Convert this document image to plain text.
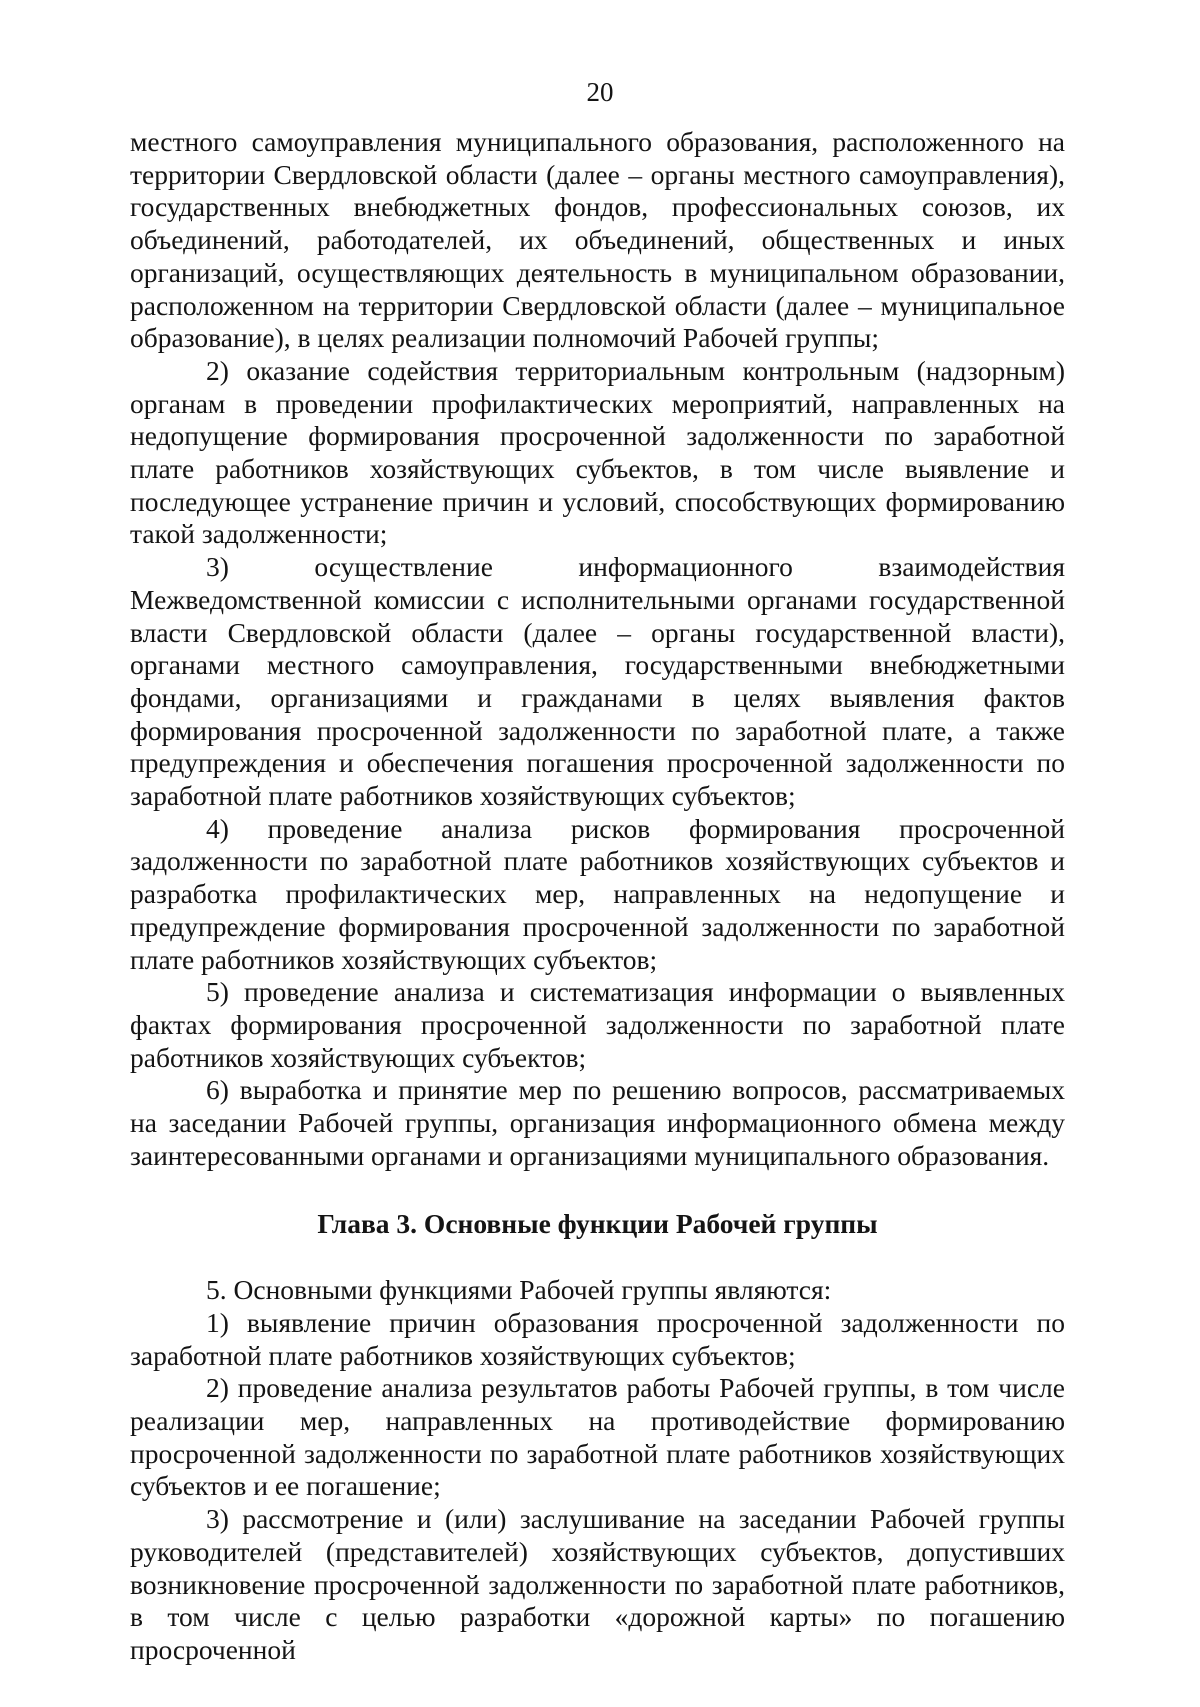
20

местного самоуправления муниципального образования, расположенного на территории Свердловской области (далее – органы местного самоуправления), государственных внебюджетных фондов, профессиональных союзов, их объединений, работодателей, их объединений, общественных и иных организаций, осуществляющих деятельность в муниципальном образовании, расположенном на территории Свердловской области (далее – муниципальное образование), в целях реализации полномочий Рабочей группы;

2) оказание содействия территориальным контрольным (надзорным) органам в проведении профилактических мероприятий, направленных на недопущение формирования просроченной задолженности по заработной плате работников хозяйствующих субъектов, в том числе выявление и последующее устранение причин и условий, способствующих формированию такой задолженности;

3) осуществление информационного взаимодействия Межведомственной комиссии с исполнительными органами государственной власти Свердловской области (далее – органы государственной власти), органами местного самоуправления, государственными внебюджетными фондами, организациями и гражданами в целях выявления фактов формирования просроченной задолженности по заработной плате, а также предупреждения и обеспечения погашения просроченной задолженности по заработной плате работников хозяйствующих субъектов;

4) проведение анализа рисков формирования просроченной задолженности по заработной плате работников хозяйствующих субъектов и разработка профилактических мер, направленных на недопущение и предупреждение формирования просроченной задолженности по заработной плате работников хозяйствующих субъектов;

5) проведение анализа и систематизация информации о выявленных фактах формирования просроченной задолженности по заработной плате работников хозяйствующих субъектов;

6) выработка и принятие мер по решению вопросов, рассматриваемых на заседании Рабочей группы, организация информационного обмена между заинтересованными органами и организациями муниципального образования.

Глава 3. Основные функции Рабочей группы

5. Основными функциями Рабочей группы являются:

1) выявление причин образования просроченной задолженности по заработной плате работников хозяйствующих субъектов;

2) проведение анализа результатов работы Рабочей группы, в том числе реализации мер, направленных на противодействие формированию просроченной задолженности по заработной плате работников хозяйствующих субъектов и ее погашение;

3) рассмотрение и (или) заслушивание на заседании Рабочей группы руководителей (представителей) хозяйствующих субъектов, допустивших возникновение просроченной задолженности по заработной плате работников, в том числе с целью разработки «дорожной карты» по погашению просроченной
